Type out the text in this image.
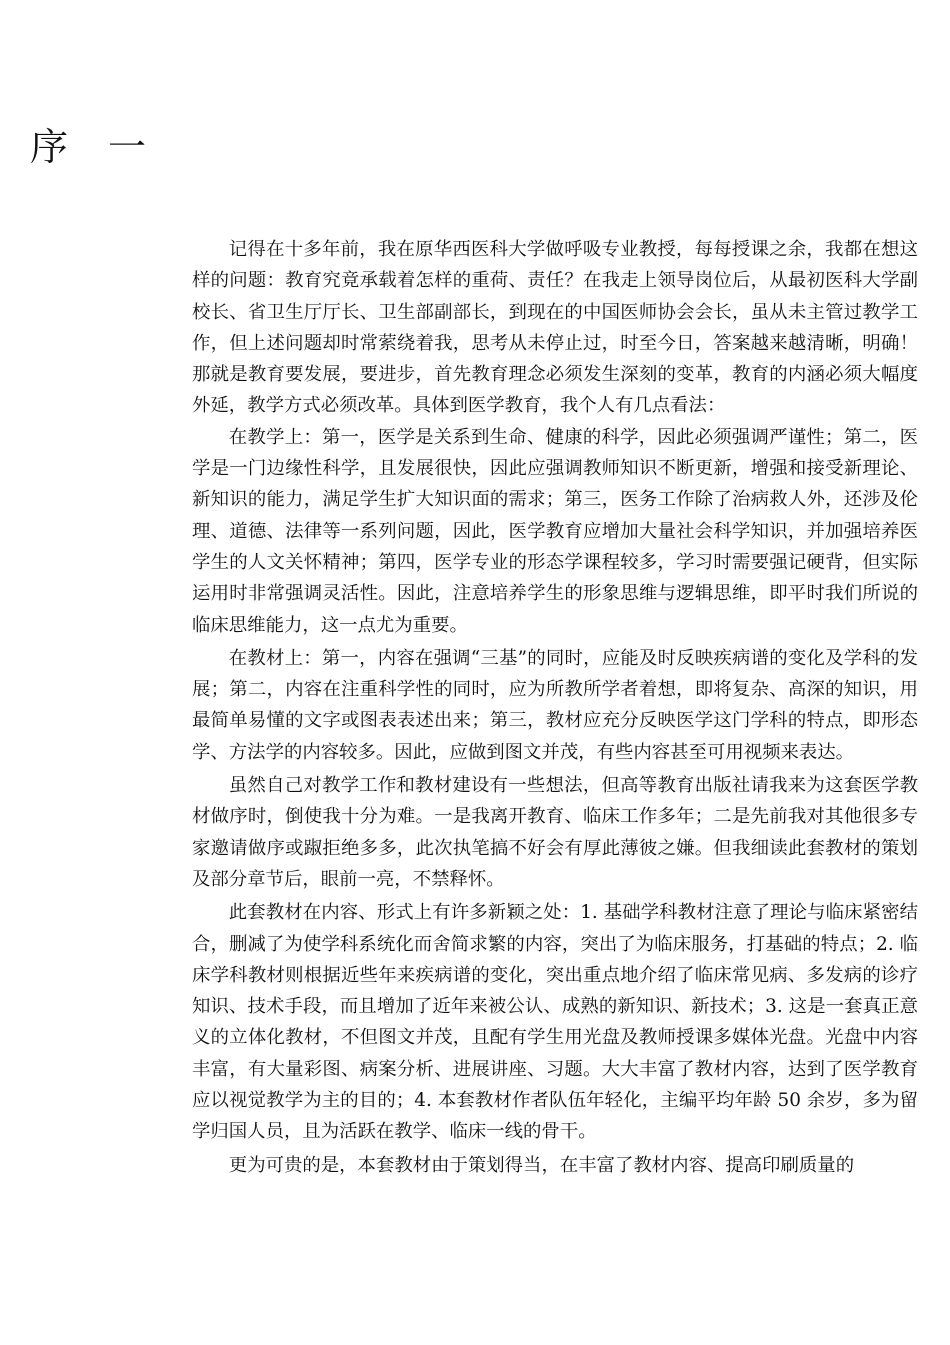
序 一

记得在十多年前，我在原华西医科大学做呼吸专业教授，每每授课之余，我都在想这样的问题：教育究竟承载着怎样的重荷、责任？在我走上领导岗位后，从最初医科大学副校长、省卫生厅厅长、卫生部副部长，到现在的中国医师协会会长，虽从未主管过教学工作，但上述问题却时常萦绕着我，思考从未停止过，时至今日，答案越来越清晰，明确！那就是教育要发展，要进步，首先教育理念必须发生深刻的变革，教育的内涵必须大幅度外延，教学方式必须改革。具体到医学教育，我个人有几点看法：

在教学上：第一，医学是关系到生命、健康的科学，因此必须强调严谨性；第二，医学是一门边缘性科学，且发展很快，因此应强调教师知识不断更新，增强和接受新理论、新知识的能力，满足学生扩大知识面的需求；第三，医务工作除了治病救人外，还涉及伦理、道德、法律等一系列问题，因此，医学教育应增加大量社会科学知识，并加强培养医学生的人文关怀精神；第四，医学专业的形态学课程较多，学习时需要强记硬背，但实际运用时非常强调灵活性。因此，注意培养学生的形象思维与逻辑思维，即平时我们所说的临床思维能力，这一点尤为重要。

在教材上：第一，内容在强调“三基”的同时，应能及时反映疾病谱的变化及学科的发展；第二，内容在注重科学性的同时，应为所教所学者着想，即将复杂、高深的知识，用最简单易懂的文字或图表表述出来；第三，教材应充分反映医学这门学科的特点，即形态学、方法学的内容较多。因此，应做到图文并茂，有些内容甚至可用视频来表达。

虽然自己对教学工作和教材建设有一些想法，但高等教育出版社请我来为这套医学教材做序时，倒使我十分为难。一是我离开教育、临床工作多年；二是先前我对其他很多专家邀请做序或踧拒绝多多，此次执笔搞不好会有厚此薄彼之嫌。但我细读此套教材的策划及部分章节后，眼前一亮，不禁释怀。

此套教材在内容、形式上有许多新颖之处：1. 基础学科教材注意了理论与临床紧密结合，删减了为使学科系统化而舍简求繁的内容，突出了为临床服务，打基础的特点；2. 临床学科教材则根据近些年来疾病谱的变化，突出重点地介绍了临床常见病、多发病的诊疗知识、技术手段，而且增加了近年来被公认、成熟的新知识、新技术；3. 这是一套真正意义的立体化教材，不但图文并茂，且配有学生用光盘及教师授课多媒体光盘。光盘中内容丰富，有大量彩图、病案分析、进展讲座、习题。大大丰富了教材内容，达到了医学教育应以视觉教学为主的目的；4. 本套教材作者队伍年轻化，主编平均年龄 50 余岁，多为留学归国人员，且为活跃在教学、临床一线的骨干。

更为可贵的是，本套教材由于策划得当，在丰富了教材内容、提高印刷质量的
